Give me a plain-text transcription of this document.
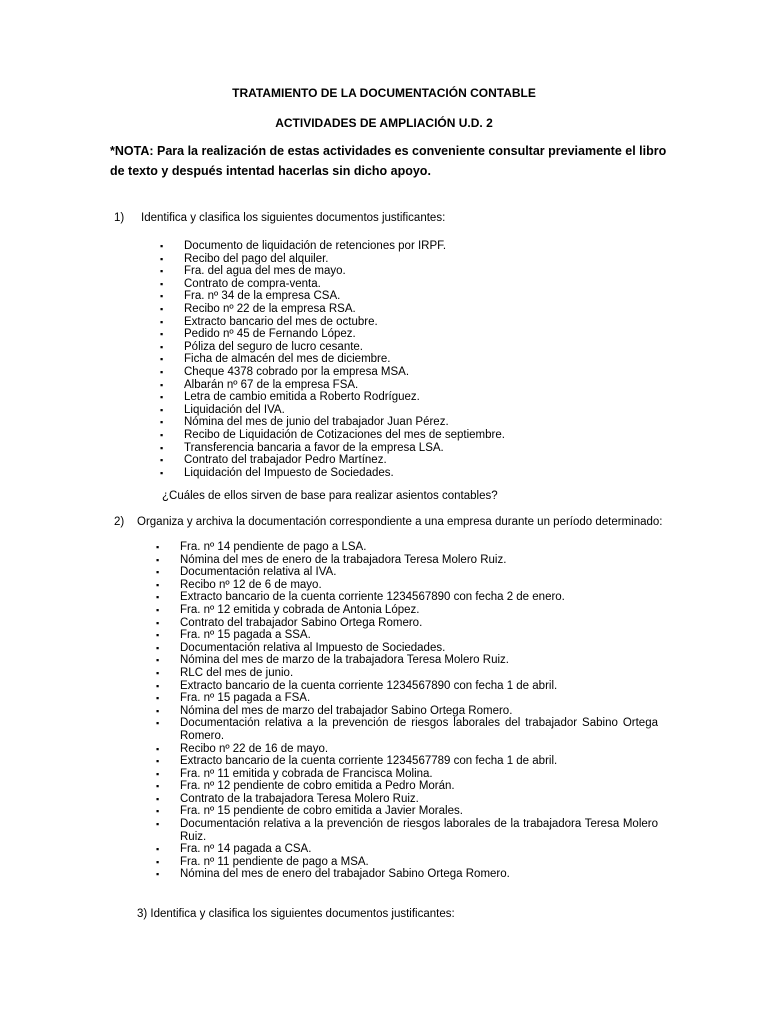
TRATAMIENTO DE LA DOCUMENTACIÓN CONTABLE
ACTIVIDADES DE AMPLIACIÓN U.D. 2
*NOTA: Para la realización de estas actividades es conveniente consultar previamente el libro de texto y después intentad hacerlas sin dicho apoyo.
1) Identifica y clasifica los siguientes documentos justificantes:
▪ Documento de liquidación de retenciones por IRPF.
▪ Recibo del pago del alquiler.
▪ Fra. del agua del mes de mayo.
▪ Contrato de compra-venta.
▪ Fra. nº 34 de la empresa CSA.
▪ Recibo nº 22 de la empresa RSA.
▪ Extracto bancario del mes de octubre.
▪ Pedido nº 45 de Fernando López.
▪ Póliza del seguro de lucro cesante.
▪ Ficha de almacén del mes de diciembre.
▪ Cheque 4378 cobrado por la empresa MSA.
▪ Albarán nº 67 de la empresa FSA.
▪ Letra de cambio emitida a Roberto Rodríguez.
▪ Liquidación del IVA.
▪ Nómina del mes de junio del trabajador Juan Pérez.
▪ Recibo de Liquidación de Cotizaciones del mes de septiembre.
▪ Transferencia bancaria a favor de la empresa LSA.
▪ Contrato del trabajador Pedro Martínez.
▪ Liquidación del Impuesto de Sociedades.
¿Cuáles de ellos sirven de base para realizar asientos contables?
2) Organiza y archiva la documentación correspondiente a una empresa durante un período determinado:
▪ Fra. nº 14 pendiente de pago a LSA.
▪ Nómina del mes de enero de la trabajadora Teresa Molero Ruiz.
▪ Documentación relativa al IVA.
▪ Recibo nº 12 de 6 de mayo.
▪ Extracto bancario de la cuenta corriente 1234567890 con fecha 2 de enero.
▪ Fra. nº 12 emitida y cobrada de Antonia López.
▪ Contrato del trabajador Sabino Ortega Romero.
▪ Fra. nº 15 pagada a SSA.
▪ Documentación relativa al Impuesto de Sociedades.
▪ Nómina del mes de marzo de la trabajadora Teresa Molero Ruiz.
▪ RLC del mes de junio.
▪ Extracto bancario de la cuenta corriente 1234567890 con fecha 1 de abril.
▪ Fra. nº 15 pagada a FSA.
▪ Nómina del mes de marzo del trabajador Sabino Ortega Romero.
▪ Documentación relativa a la prevención de riesgos laborales del trabajador Sabino Ortega Romero.
▪ Recibo nº 22 de 16 de mayo.
▪ Extracto bancario de la cuenta corriente 1234567789 con fecha 1 de abril.
▪ Fra. nº 11 emitida y cobrada de Francisca Molina.
▪ Fra. nº 12 pendiente de cobro emitida a Pedro Morán.
▪ Contrato de la trabajadora Teresa Molero Ruiz.
▪ Fra. nº 15 pendiente de cobro emitida a Javier Morales.
▪ Documentación relativa a la prevención de riesgos laborales de la trabajadora Teresa Molero Ruiz.
▪ Fra. nº 14 pagada a CSA.
▪ Fra. nº 11 pendiente de pago a MSA.
▪ Nómina del mes de enero del trabajador Sabino Ortega Romero.
3) Identifica y clasifica los siguientes documentos justificantes:
